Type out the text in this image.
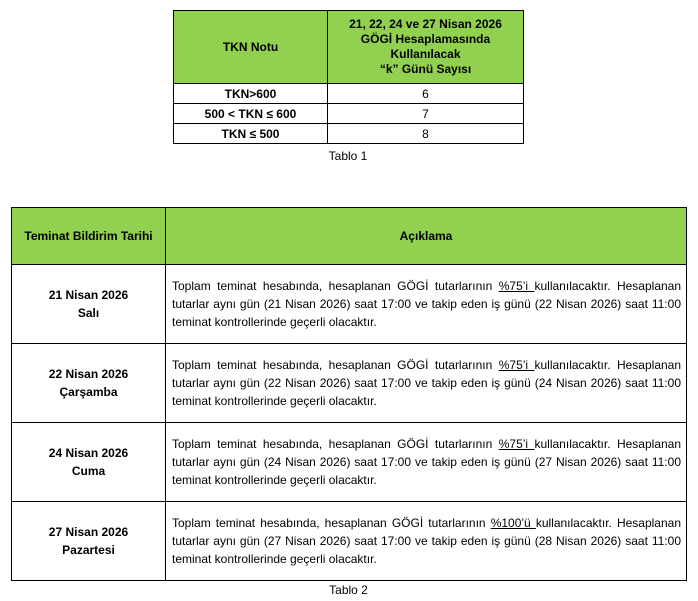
TKN Notu	21, 22, 24 ve 27 Nisan 2026
GÖGİ Hesaplamasında
Kullanılacak
“k” Günü Sayısı
TKN>600	6
500 < TKN ≤ 600	7
TKN ≤ 500	8
Tablo 1
Teminat Bildirim Tarihi	Açıklama
21 Nisan 2026
Salı	Toplam teminat hesabında, hesaplanan GÖGİ tutarlarının %75’i kullanılacaktır. Hesaplanan tutarlar aynı gün (21 Nisan 2026) saat 17:00 ve takip eden iş günü (22 Nisan 2026) saat 11:00 teminat kontrollerinde geçerli olacaktır.
22 Nisan 2026
Çarşamba	Toplam teminat hesabında, hesaplanan GÖGİ tutarlarının %75’i kullanılacaktır. Hesaplanan tutarlar aynı gün (22 Nisan 2026) saat 17:00 ve takip eden iş günü (24 Nisan 2026) saat 11:00 teminat kontrollerinde geçerli olacaktır.
24 Nisan 2026
Cuma	Toplam teminat hesabında, hesaplanan GÖGİ tutarlarının %75’i kullanılacaktır. Hesaplanan tutarlar aynı gün (24 Nisan 2026) saat 17:00 ve takip eden iş günü (27 Nisan 2026) saat 11:00 teminat kontrollerinde geçerli olacaktır.
27 Nisan 2026
Pazartesi	Toplam teminat hesabında, hesaplanan GÖGİ tutarlarının %100’ü kullanılacaktır. Hesaplanan tutarlar aynı gün (27 Nisan 2026) saat 17:00 ve takip eden iş günü (28 Nisan 2026) saat 11:00 teminat kontrollerinde geçerli olacaktır.
Tablo 2
